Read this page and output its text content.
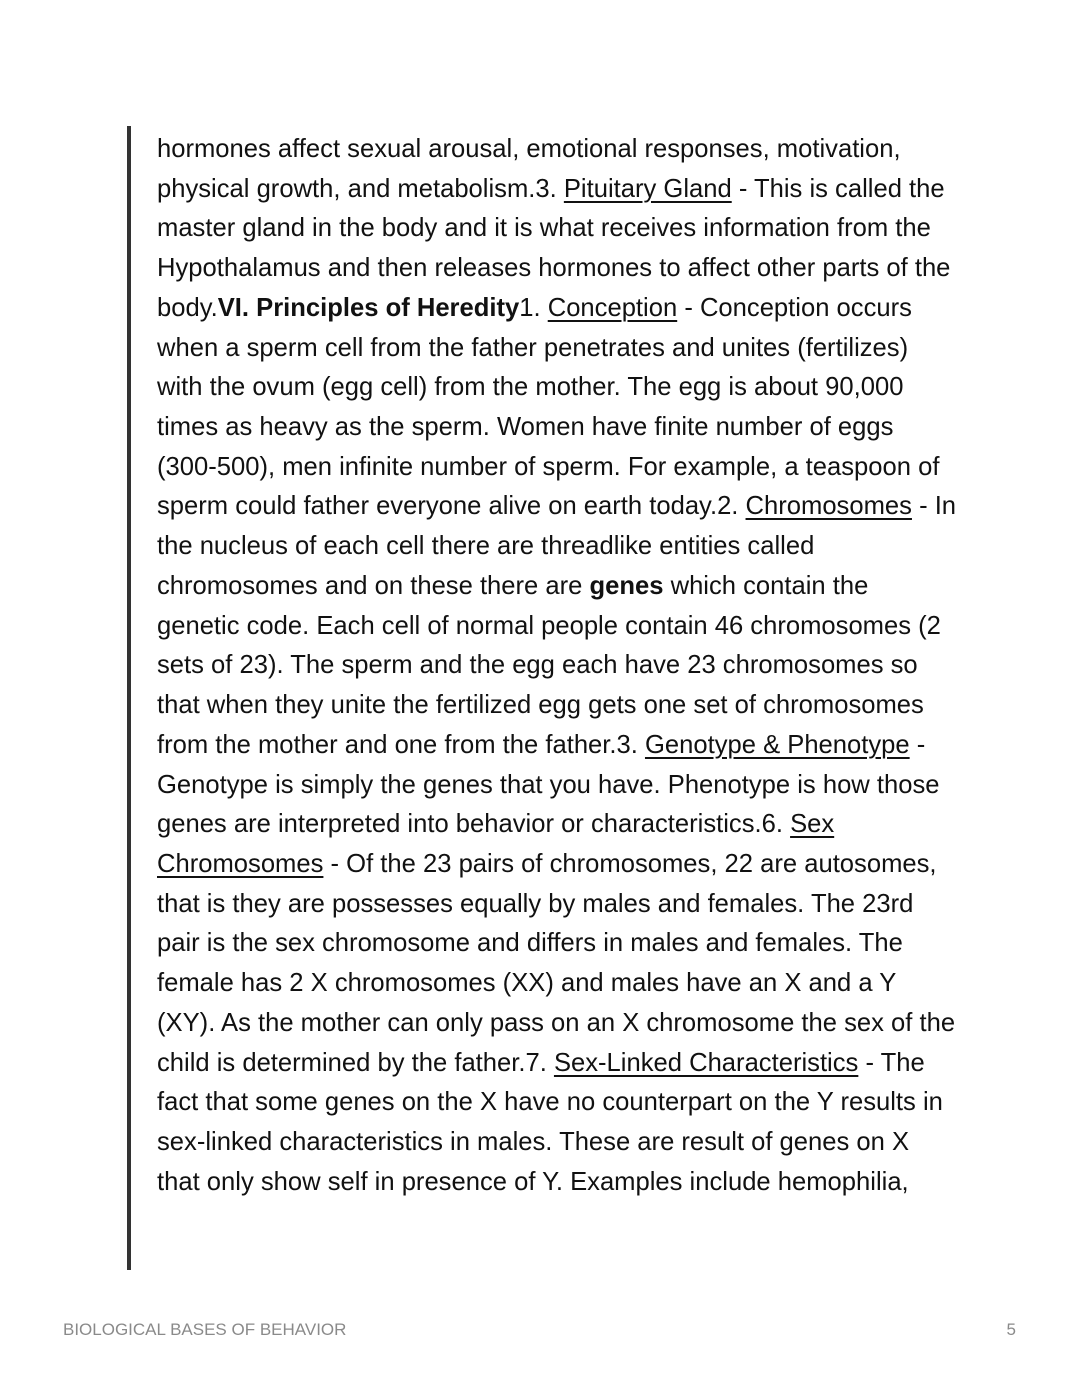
hormones affect sexual arousal, emotional responses, motivation, physical growth, and metabolism.3. Pituitary Gland - This is called the master gland in the body and it is what receives information from the Hypothalamus and then releases hormones to affect other parts of the body.VI. Principles of Heredity1. Conception - Conception occurs when a sperm cell from the father penetrates and unites (fertilizes) with the ovum (egg cell) from the mother. The egg is about 90,000 times as heavy as the sperm. Women have finite number of eggs (300-500), men infinite number of sperm. For example, a teaspoon of sperm could father everyone alive on earth today.2. Chromosomes - In the nucleus of each cell there are threadlike entities called chromosomes and on these there are genes which contain the genetic code. Each cell of normal people contain 46 chromosomes (2 sets of 23). The sperm and the egg each have 23 chromosomes so that when they unite the fertilized egg gets one set of chromosomes from the mother and one from the father.3. Genotype & Phenotype - Genotype is simply the genes that you have. Phenotype is how those genes are interpreted into behavior or characteristics.6. Sex Chromosomes - Of the 23 pairs of chromosomes, 22 are autosomes, that is they are possesses equally by males and females. The 23rd pair is the sex chromosome and differs in males and females. The female has 2 X chromosomes (XX) and males have an X and a Y (XY). As the mother can only pass on an X chromosome the sex of the child is determined by the father.7. Sex-Linked Characteristics - The fact that some genes on the X have no counterpart on the Y results in sex-linked characteristics in males. These are result of genes on X that only show self in presence of Y. Examples include hemophilia,

BIOLOGICAL BASES OF BEHAVIOR	5
